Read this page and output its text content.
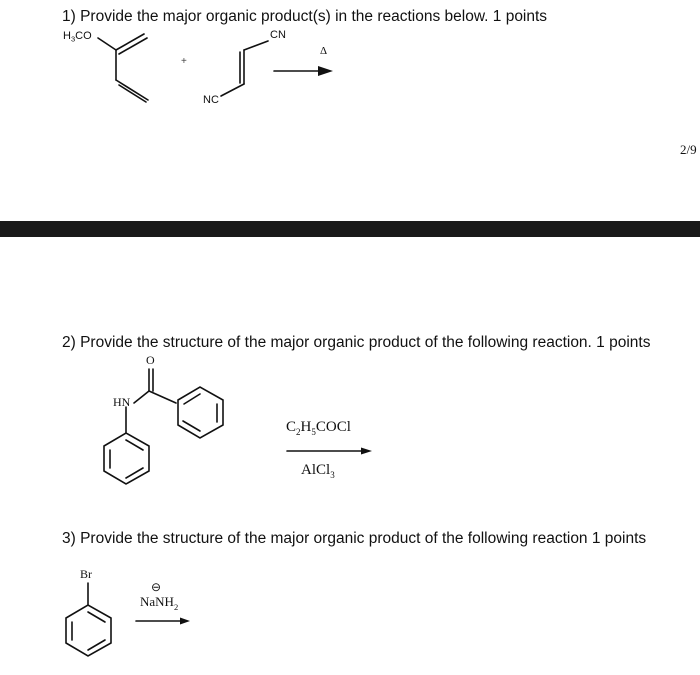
1) Provide the major organic product(s) in the reactions below. 1 points
2) Provide the structure of the major organic product of the following reaction. 1 points
3) Provide the structure of the major organic product of the following reaction 1 points
2/9
$H_3CO$
+
CN
NC
Δ
O
HN
$C_2H_5COCl$
AlCl$_3$
Br
⊖
NaNH$_2$
